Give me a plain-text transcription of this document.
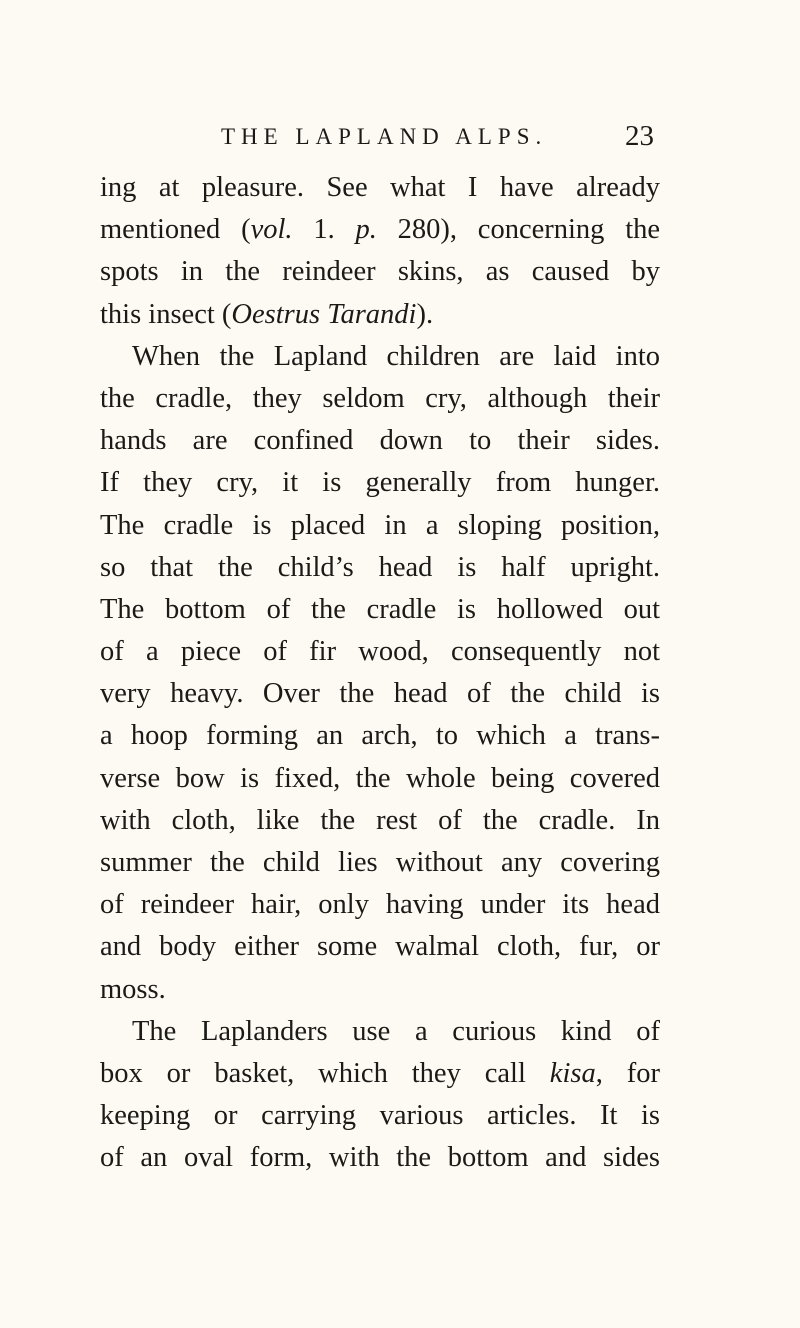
THE LAPLAND ALPS.	23
ing at pleasure. See what I have already
mentioned (vol. 1. p. 280), concerning the
spots in the reindeer skins, as caused by
this insect (Oestrus Tarandi).
When the Lapland children are laid into
the cradle, they seldom cry, although their
hands are confined down to their sides.
If they cry, it is generally from hunger.
The cradle is placed in a sloping position,
so that the child’s head is half upright.
The bottom of the cradle is hollowed out
of a piece of fir wood, consequently not
very heavy. Over the head of the child is
a hoop forming an arch, to which a trans-
verse bow is fixed, the whole being covered
with cloth, like the rest of the cradle. In
summer the child lies without any covering
of reindeer hair, only having under its head
and body either some walmal cloth, fur, or
moss.
The Laplanders use a curious kind of
box or basket, which they call kisa, for
keeping or carrying various articles. It is
of an oval form, with the bottom and sides
